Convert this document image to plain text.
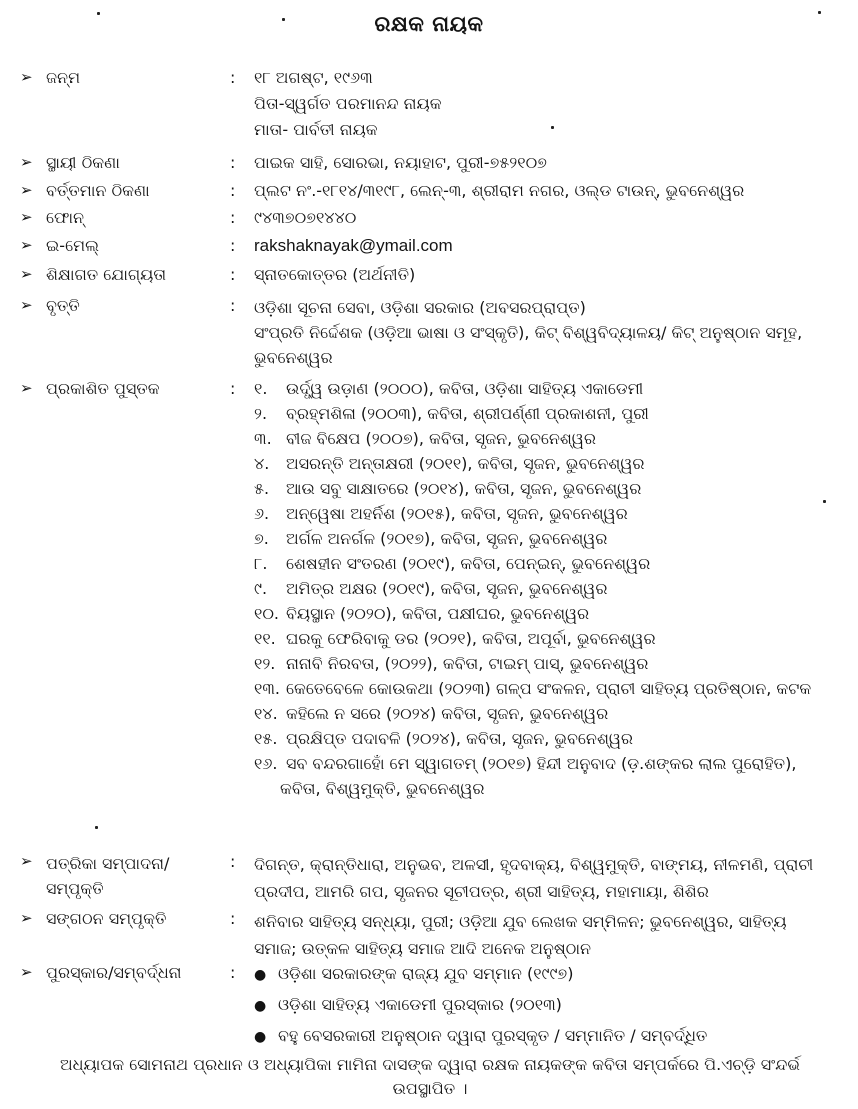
ରକ୍ଷକ ନାୟକ
➢ ଜନ୍ମ	: ୧୮ ଅଗଷ୍ଟ, ୧୯୬୩
ପିତା-ସ୍ୱର୍ଗତ ପରମାନନ୍ଦ ନାୟକ
ମାତା- ପାର୍ବତୀ ନାୟକ
➢ ସ୍ଥାୟୀ ଠିକଣା	: ପାଇକ ସାହି, ସୋରଭା, ନୟାହାଟ, ପୁରୀ-୭୫୨୧୦୭
➢ ବର୍ତ୍ତମାନ ଠିକଣା	: ପ୍ଲଟ ନଂ.-୧୮୧୪/୩୧୯୮, ଲେନ୍-୩, ଶ୍ରୀରାମ ନଗର, ଓଲ୍ଡ ଟାଉନ୍, ଭୁବନେଶ୍ୱର
➢ ଫୋନ୍	: ୯୪୩୭୦୭୧୪୪୦
➢ ଇ-ମେଲ୍	: rakshaknayak@ymail.com
➢ ଶିକ୍ଷାଗତ ଯୋଗ୍ୟତା	: ସ୍ନାତକୋତ୍ତର (ଅର୍ଥନୀତି)
➢ ବୃତ୍ତି	: ଓଡ଼ିଶା ସୂଚନା ସେବା, ଓଡ଼ିଶା ସରକାର (ଅବସରପ୍ରାପ୍ତ)
ସଂପ୍ରତି ନିର୍ଦ୍ଦେଶକ (ଓଡ଼ିଆ ଭାଷା ଓ ସଂସ୍କୃତି), କିଟ୍ ବିଶ୍ୱବିଦ୍ୟାଳୟ/ କିଟ୍ ଅନୁଷ୍ଠାନ ସମୂହ, ଭୁବନେଶ୍ୱର
➢ ପ୍ରକାଶିତ ପୁସ୍ତକ	: ୧. ଉର୍ଦ୍ଧ୍ୱ ଉଡ଼ାଣ (୨୦୦୦), କବିତା, ଓଡ଼ିଶା ସାହିତ୍ୟ ଏକାଡେମୀ
୨. ବ୍ରହ୍ମଶିଳା (୨୦୦୩), କବିତା, ଶ୍ରୀପର୍ଣ୍ଣୀ ପ୍ରକାଶନୀ, ପୁରୀ
୩. ବୀଜ ବିକ୍ଷେପ (୨୦୦୭), କବିତା, ସୃଜନ, ଭୁବନେଶ୍ୱର
୪. ଅସରନ୍ତି ଅନ୍ତାକ୍ଷରୀ (୨୦୧୧), କବିତା, ସୃଜନ, ଭୁବନେଶ୍ୱର
୫. ଆଉ ସବୁ ସାକ୍ଷାତରେ (୨୦୧୪), କବିତା, ସୃଜନ, ଭୁବନେଶ୍ୱର
୬. ଅନ୍ୱେଷା ଅହର୍ନିଶ (୨୦୧୫), କବିତା, ସୃଜନ, ଭୁବନେଶ୍ୱର
୭. ଅର୍ଗଳ ଅନର୍ଗଳ (୨୦୧୭), କବିତା, ସୃଜନ, ଭୁବନେଶ୍ୱର
୮. ଶେଷହୀନ ସଂତରଣ (୨୦୧୯), କବିତା, ପେନ୍‌ଇନ୍, ଭୁବନେଶ୍ୱର
୯. ଅମିତ୍ର ଅକ୍ଷର (୨୦୧୯), କବିତା, ସୃଜନ, ଭୁବନେଶ୍ୱର
୧୦. ବିୟସ୍ଥାନ (୨୦୨୦), କବିତା, ପକ୍ଷୀଘର, ଭୁବନେଶ୍ୱର
୧୧. ଘରକୁ ଫେରିବାକୁ ଡର (୨୦୨୧), କବିତା, ଅପୂର୍ବା, ଭୁବନେଶ୍ୱର
୧୨. ନାନାବି ନିରବତା, (୨୦୨୨), କବିତା, ଟାଇମ୍ ପାସ୍, ଭୁବନେଶ୍ୱର
୧୩. କେତେବେଳେ କୋଉକଥା (୨୦୨୩) ଗଳ୍ପ ସଂକଳନ, ପ୍ରାଚୀ ସାହିତ୍ୟ ପ୍ରତିଷ୍ଠାନ, କଟକ
୧୪. କହିଲେ ନ ସରେ (୨୦୨୪) କବିତା, ସୃଜନ, ଭୁବନେଶ୍ୱର
୧୫. ପ୍ରକ୍ଷିପ୍ତ ପଦାବଳି (୨୦୨୪), କବିତା, ସୃଜନ, ଭୁବନେଶ୍ୱର
୧୬. ସବ ବନ୍ଦରଗାହୋଁ ମେ ସ୍ୱାଗତମ୍ (୨୦୧୭) ହିନ୍ଦୀ ଅନୁବାଦ (ଡ଼.ଶଙ୍କର ଲାଲ ପୁରୋହିତ),
କବିତା, ବିଶ୍ୱମୁକ୍ତି, ଭୁବନେଶ୍ୱର
➢ ପତ୍ରିକା ସମ୍ପାଦନା/
ସମ୍ପୃକ୍ତି
: ଦିଗନ୍ତ, କ୍ରାନ୍ତିଧାରା, ଅନୁଭବ, ଅଳସୀ, ହୃଦବାକ୍ୟ, ବିଶ୍ୱମୁକ୍ତି, ବାଙ୍ମୟ, ନୀଳମଣି, ପ୍ରାଚୀ ପ୍ରଦୀପ, ଆମରି ଗପ, ସୃଜନର ସୂଚୀପତ୍ର, ଶ୍ରୀ ସାହିତ୍ୟ, ମହାମାୟା, ଶିଶିର
➢ ସଙ୍ଗଠନ ସମ୍ପୃକ୍ତି	: ଶନିବାର ସାହିତ୍ୟ ସନ୍ଧ୍ୟା, ପୁରୀ; ଓଡ଼ିଆ ଯୁବ ଲେଖକ ସମ୍ମିଳନ; ଭୁବନେଶ୍ୱର, ସାହିତ୍ୟ ସମାଜ; ଉତ୍କଳ ସାହିତ୍ୟ ସମାଜ ଆଦି ଅନେକ ଅନୁଷ୍ଠାନ
➢ ପୁରସ୍କାର/ସମ୍ବର୍ଦ୍ଧନା	: ● ଓଡ଼ିଶା ସରକାରଙ୍କ ରାଜ୍ୟ ଯୁବ ସମ୍ମାନ (୧୯୯୭)
● ଓଡ଼ିଶା ସାହିତ୍ୟ ଏକାଡେମୀ ପୁରସ୍କାର (୨୦୧୩)
● ବହୁ ବେସରକାରୀ ଅନୁଷ୍ଠାନ ଦ୍ୱାରା ପୁରସ୍କୃତ / ସମ୍ମାନିତ / ସମ୍ବର୍ଦ୍ଧିତ
ଅଧ୍ୟାପକ ସୋମନାଥ ପ୍ରଧାନ ଓ ଅଧ୍ୟାପିକା ମାମିନା ଦାସଙ୍କ ଦ୍ୱାରା ରକ୍ଷକ ନାୟକଙ୍କ କବିତା ସମ୍ପର୍କରେ ପି.ଏଚ୍‌ଡ଼ି ସଂନ୍ଦର୍ଭ ଉପସ୍ଥାପିତ ।
